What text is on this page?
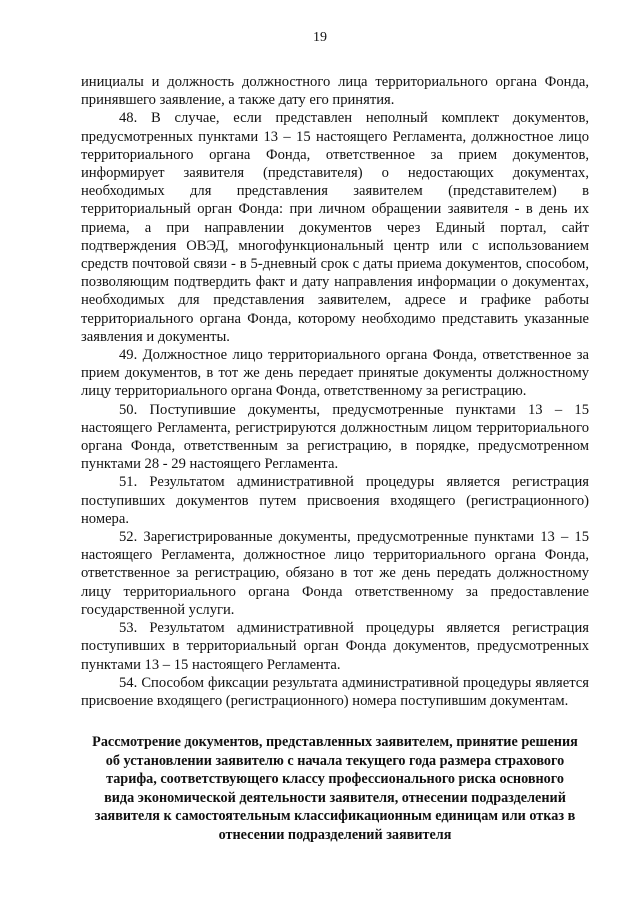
19

инициалы и должность должностного лица территориального органа Фонда, принявшего заявление, а также дату его принятия.

48. В случае, если представлен неполный комплект документов, предусмотренных пунктами 13 – 15 настоящего Регламента, должностное лицо территориального органа Фонда, ответственное за прием документов, информирует заявителя (представителя) о недостающих документах, необходимых для представления заявителем (представителем) в территориальный орган Фонда: при личном обращении заявителя - в день их приема, а при направлении документов через Единый портал, сайт подтверждения ОВЭД, многофункциональный центр или с использованием средств почтовой связи - в 5-дневный срок с даты приема документов, способом, позволяющим подтвердить факт и дату направления информации о документах, необходимых для представления заявителем, адресе и графике работы территориального органа Фонда, которому необходимо представить указанные заявления и документы.

49. Должностное лицо территориального органа Фонда, ответственное за прием документов, в тот же день передает принятые документы должностному лицу территориального органа Фонда, ответственному за регистрацию.

50. Поступившие документы, предусмотренные пунктами 13 – 15 настоящего Регламента, регистрируются должностным лицом территориального органа Фонда, ответственным за регистрацию, в порядке, предусмотренном пунктами 28 - 29 настоящего Регламента.

51. Результатом административной процедуры является регистрация поступивших документов путем присвоения входящего (регистрационного) номера.

52. Зарегистрированные документы, предусмотренные пунктами 13 – 15 настоящего Регламента, должностное лицо территориального органа Фонда, ответственное за регистрацию, обязано в тот же день передать должностному лицу территориального органа Фонда ответственному за предоставление государственной услуги.

53. Результатом административной процедуры является регистрация поступивших в территориальный орган Фонда документов, предусмотренных пунктами 13 – 15 настоящего Регламента.

54. Способом фиксации результата административной процедуры является присвоение входящего (регистрационного) номера поступившим документам.

Рассмотрение документов, представленных заявителем, принятие решения об установлении заявителю с начала текущего года размера страхового тарифа, соответствующего классу профессионального риска основного вида экономической деятельности заявителя, отнесении подразделений заявителя к самостоятельным классификационным единицам или отказ в отнесении подразделений заявителя
